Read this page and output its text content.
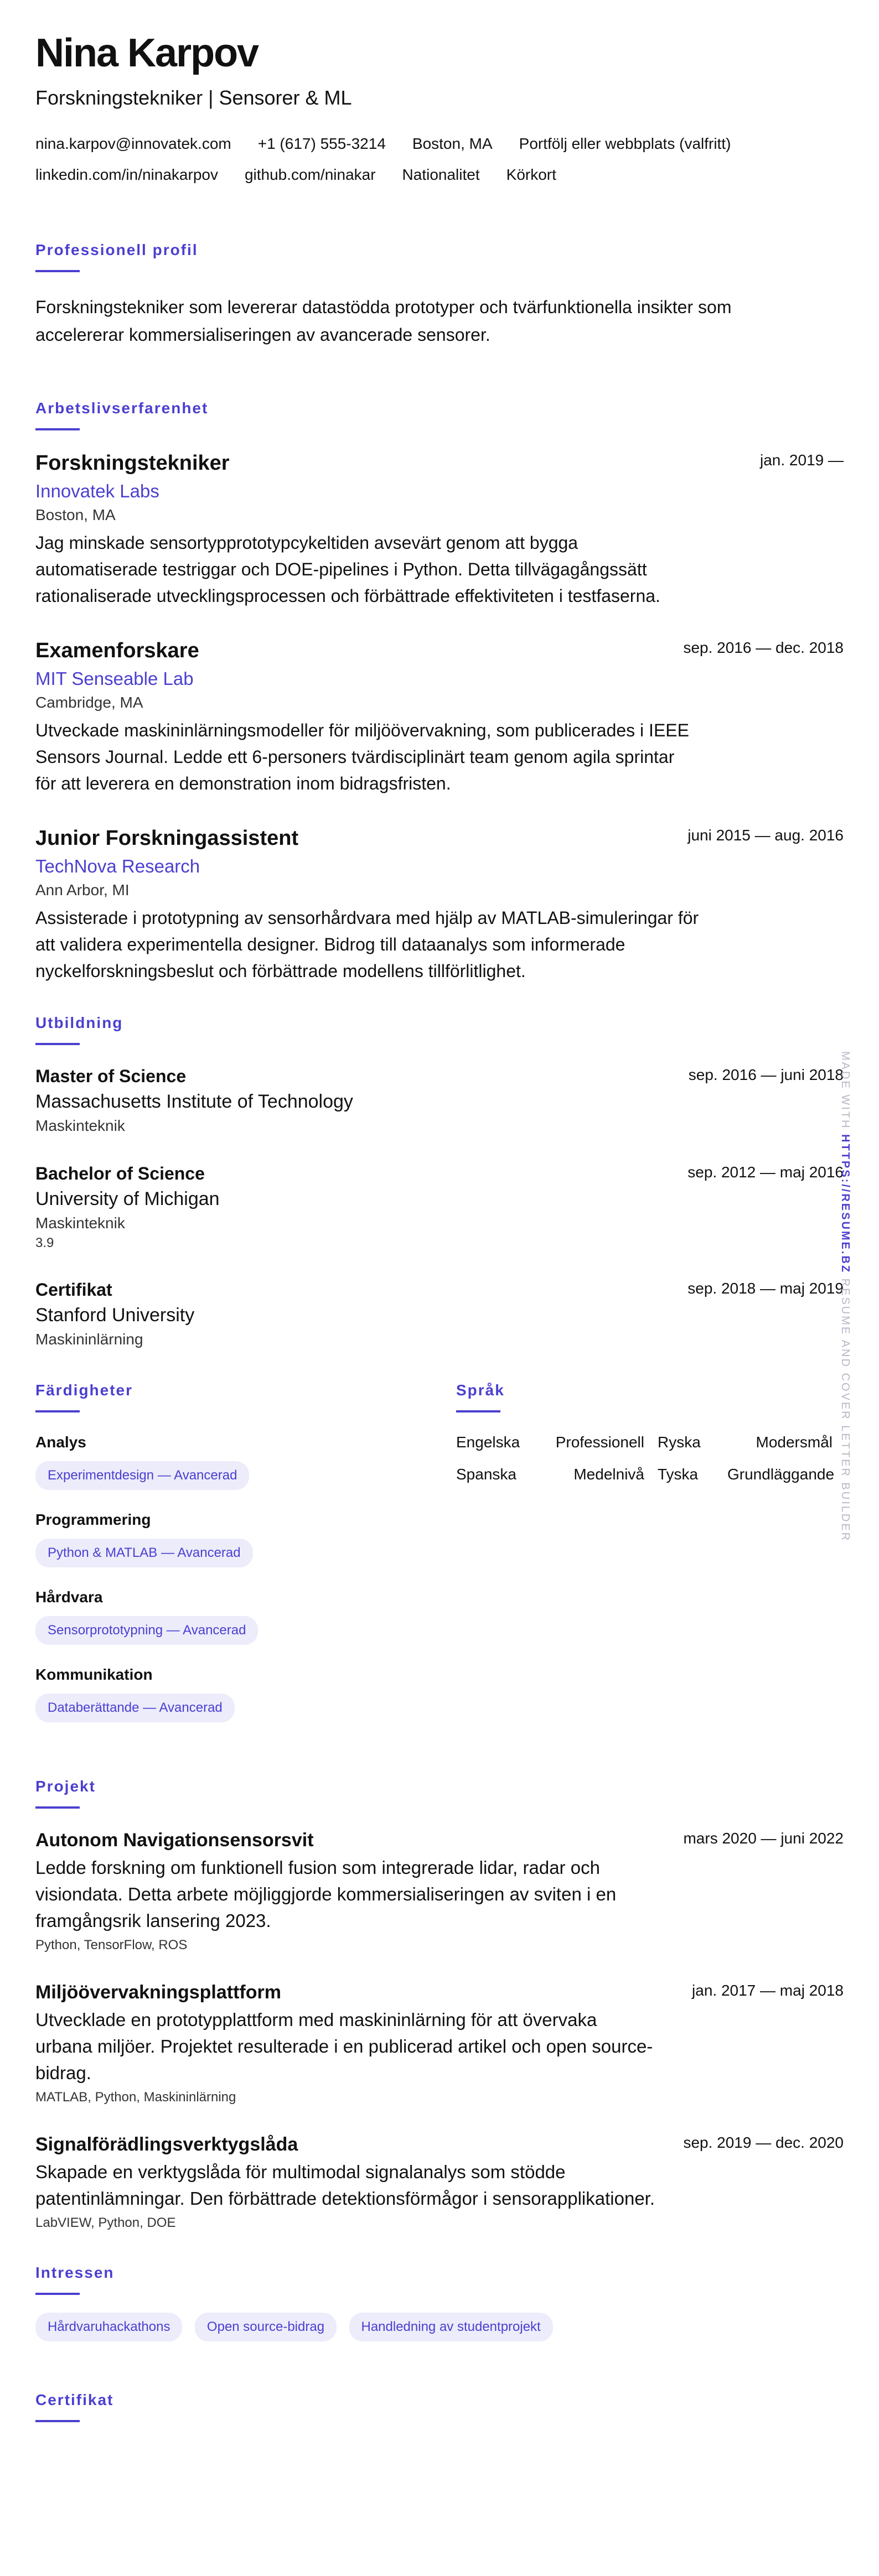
Nina Karpov
Forskningstekniker | Sensorer & ML
nina.karpov@innovatek.com +1 (617) 555-3214 Boston, MA Portfölj eller webbplats (valfritt)
linkedin.com/in/ninakarpov github.com/ninakar Nationalitet Körkort
Professionell profil
Forskningstekniker som levererar datastödda prototyper och tvärfunktionella insikter som accelererar kommersialiseringen av avancerade sensorer.
Arbetslivserfarenhet
Forskningstekniker	jan. 2019 —
Innovatek Labs
Boston, MA
Jag minskade sensortypprototypcykeltiden avsevärt genom att bygga automatiserade testriggar och DOE-pipelines i Python. Detta tillvägagångssätt rationaliserade utvecklingsprocessen och förbättrade effektiviteten i testfaserna.
Examenforskare	sep. 2016 — dec. 2018
MIT Senseable Lab
Cambridge, MA
Utveckade maskininlärningsmodeller för miljöövervakning, som publicerades i IEEE Sensors Journal. Ledde ett 6-personers tvärdisciplinärt team genom agila sprintar för att leverera en demonstration inom bidragsfristen.
Junior Forskningassistent	juni 2015 — aug. 2016
TechNova Research
Ann Arbor, MI
Assisterade i prototypning av sensorhårdvara med hjälp av MATLAB-simuleringar för att validera experimentella designer. Bidrog till dataanalys som informerade nyckelforskningsbeslut och förbättrade modellens tillförlitlighet.
Utbildning
Master of Science	sep. 2016 — juni 2018
Massachusetts Institute of Technology
Maskinteknik
Bachelor of Science	sep. 2012 — maj 2016
University of Michigan
Maskinteknik
3.9
Certifikat	sep. 2018 — maj 2019
Stanford University
Maskininlärning
Färdigheter
Analys
Experimentdesign — Avancerad
Programmering
Python & MATLAB — Avancerad
Hårdvara
Sensorprototypning — Avancerad
Kommunikation
Databerättande — Avancerad
Språk
Engelska	Professionell Ryska	Modersmål
Spanska	Medelnivå Tyska	Grundläggande
Projekt
Autonom Navigationsensorsvit	mars 2020 — juni 2022
Ledde forskning om funktionell fusion som integrerade lidar, radar och visiondata. Detta arbete möjliggjorde kommersialiseringen av sviten i en framgångsrik lansering 2023.
Python, TensorFlow, ROS
Miljöövervakningsplattform	jan. 2017 — maj 2018
Utvecklade en prototypplattform med maskininlärning för att övervaka urbana miljöer. Projektet resulterade i en publicerad artikel och open source-bidrag.
MATLAB, Python, Maskininlärning
Signalförädlingsverktygslåda	sep. 2019 — dec. 2020
Skapade en verktygslåda för multimodal signalanalys som stödde patentinlämningar. Den förbättrade detektionsförmågor i sensorapplikationer.
LabVIEW, Python, DOE
Intressen
Hårdvaruhackathons	Open source-bidrag	Handledning av studentprojekt
Certifikat
MADE WITH HTTPS://RESUME.BZ RESUME AND COVER LETTER BUILDER
